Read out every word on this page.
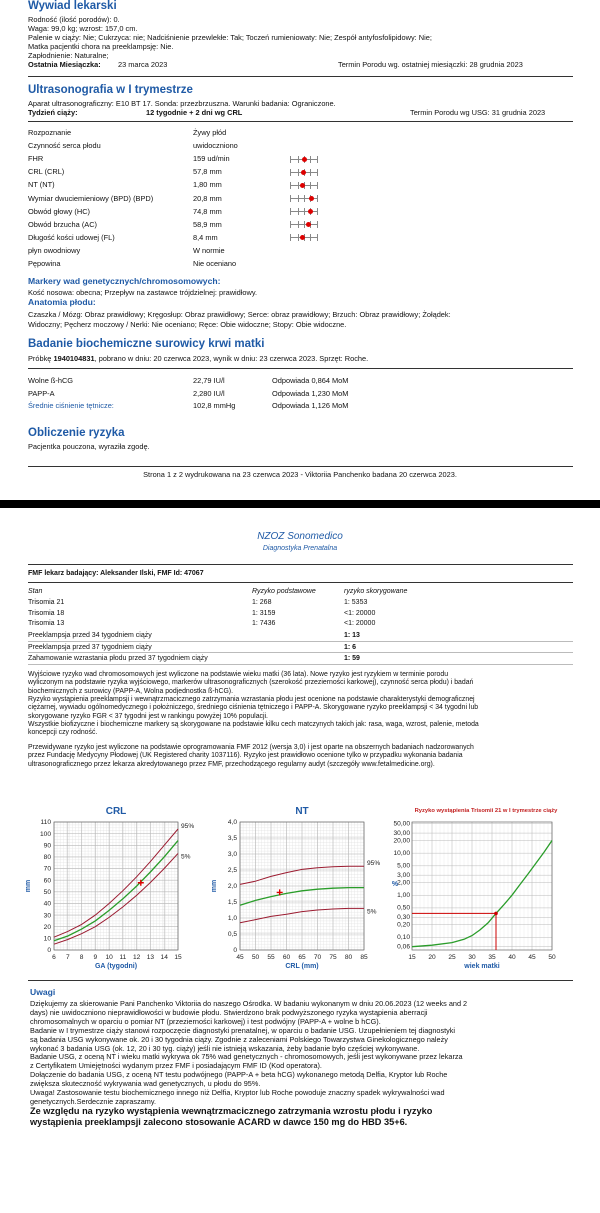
Wywiad lekarski
Rodność (ilość porodów): 0.
Waga: 99,0 kg; wzrost: 157,0 cm.
Palenie w ciąży: Nie; Cukrzyca: nie; Nadciśnienie przewlekłe: Tak; Toczeń rumieniowaty: Nie; Zespół antyfosfolipidowy: Nie;
Matka pacjentki chora na preeklampsję: Nie.
Zapłodnienie: Naturalne;
Ostatnia Miesiączka: 23 marca 2023	Termin Porodu wg. ostatniej miesiączki: 28 grudnia 2023
Ultrasonografia w I trymestrze
Aparat ultrasonograficzny: E10 BT 17. Sonda: przezbrzuszna. Warunki badania: Ograniczone.
Tydzień ciąży:	12 tygodnie + 2 dni wg CRL	Termin Porodu wg USG: 31 grudnia 2023
Rozpoznanie	Żywy płód
Czynność serca płodu	uwidoczniono
FHR	159 ud/min
CRL (CRL)	57,8 mm
NT (NT)	1,80 mm
Wymiar dwuciemieniowy (BPD) (BPD)	20,8 mm
Obwód głowy (HC)	74,8 mm
Obwód brzucha (AC)	58,9 mm
Długość kości udowej (FL)	8,4 mm
płyn owodniowy	W normie
Pępowina	Nie oceniano
Markery wad genetycznych/chromosomowych:
Kość nosowa: obecna; Przepływ na zastawce trójdzielnej: prawidłowy.
Anatomia płodu:
Czaszka / Mózg: Obraz prawidłowy; Kręgosłup: Obraz prawidłowy; Serce: obraz prawidłowy; Brzuch: Obraz prawidłowy; Żołądek:
Widoczny; Pęcherz moczowy / Nerki: Nie oceniano; Ręce: Obie widoczne; Stopy: Obie widoczne.
Badanie biochemiczne surowicy krwi matki
Próbkę 1940104831, pobrano w dniu: 20 czerwca 2023, wynik w dniu: 23 czerwca 2023. Sprzęt: Roche.
Wolne ß-hCG	22,79 IU/l	Odpowiada 0,864 MoM
PAPP-A	2,280 IU/l	Odpowiada 1,230 MoM
Średnie ciśnienie tętnicze:	102,8 mmHg	Odpowiada 1,126 MoM
Obliczenie ryzyka
Pacjentka pouczona, wyraziła zgodę.
Strona 1 z 2 wydrukowana na 23 czerwca 2023 - Viktoriia Panchenko badana 20 czerwca 2023.
NZOZ Sonomedico
Diagnostyka Prenatalna
FMF lekarz badający: Aleksander Ilski, FMF Id: 47067
Stan	Ryzyko podstawowe	ryzyko skorygowane
Trisomia 21	1: 268	1: 5353
Trisomia 18	1: 3159	<1: 20000
Trisomia 13	1: 7436	<1: 20000
Preeklampsja przed 34 tygodniem ciąży	1: 13
Preeklampsja przed 37 tygodniem ciąży	1: 6
Zahamowanie wzrastania płodu przed 37 tygodniem ciąży	1: 59
Wyjściowe ryzyko wad chromosomowych jest wyliczone na podstawie wieku matki (36 lata). Nowe ryzyko jest ryzykiem w terminie porodu
wyliczonym na podstawie ryzyka wyjściowego, markerów ultrasonograficznych (szerokość przezierności karkowej), czynność serca płodu) i badań
biochemicznych z surowicy (PAPP-A, Wolna podjednostka ß-hCG).
Ryzyko wystąpienia preeklampsji i wewnątrzmacicznego zatrzymania wzrastania płodu jest ocenione na podstawie charakterystyki demograficznej
ciężarnej, wywiadu ogólnomedycznego i położniczego, średniego ciśnienia tętniczego i PAPP-A. Skorygowane ryzyko preeklampsji < 34 tygodni lub
skorygowane ryzyko FGR < 37 tygodni jest w rankingu powyżej 10% populacji.
Wszystkie biofizyczne i biochemiczne markery są skorygowane na podstawie kilku cech matczynych takich jak: rasa, waga, wzrost, palenie, metoda
koncepcji czy rodność.
Przewidywane ryzyko jest wyliczone na podstawie oprogramowania FMF 2012 (wersja 3,0) i jest oparte na obszernych badaniach nadzorowanych
przez Fundację Medycyny Płodowej (UK Registered charity 1037116). Ryzyko jest prawidłowo ocenione tylko w przypadku wykonania badania
ultrasonograficznego przez lekarza akredytowanego przez FMF, przechodzącego regularny audyt (szczegóły www.fetalmedicine.org).
CRL
6 7 8 9 10 11 12 13 14 15
0
10
20
30
40
50
60
70
80
90
100
110
95%
5%
GA (tygodni)
mm
NT
45 50 55 60 65 70 75 80 85
0
0,5
1,0
1,5
2,0
2,5
3,0
3,5
4,0
95%
5%
CRL (mm)
mm
Ryzyko wystąpienia Trisomii 21 w I trymestrze ciąży
0,06
0,10
0,20
0,30
0,50
1,00
2,00
3,00
5,00
10,00
20,00
30,00
50,00
15 20 25 30 35 40 45 50
wiek matki
%
Uwagi
Dziękujemy za skierowanie Pani Panchenko Viktoriia do naszego Ośrodka. W badaniu wykonanym w dniu 20.06.2023 (12 weeks and 2
days) nie uwidoczniono nieprawidłowości w budowie płodu. Stwierdzono brak podwyższonego ryzyka wystąpienia aberracji
chromosomalnych w oparciu o pomiar NT (przezierności karkowej) i test podwójny (PAPP-A + wolne b hCG).
Badanie w I trymestrze ciąży stanowi rozpoczęcie diagnostyki prenatalnej, w oparciu o badanie USG. Uzupełnieniem tej diagnostyki
są badania USG wykonywane ok. 20 i 30 tygodnia ciąży. Zgodnie z zaleceniami Polskiego Towarzystwa Ginekologicznego należy
wykonać 3 badania USG (ok. 12, 20 i 30 tyg. ciąży) jeśli nie istnieją wskazania, żeby badanie było częściej wykonywane.
Badanie USG, z oceną NT i wieku matki wykrywa ok 75% wad genetycznych - chromosomowych, jeśli jest wykonywane przez lekarza
z Certyfikatem Umiejętności wydanym przez FMF i posiadającym FMF ID (Kod operatora).
Dołączenie do badania USG, z oceną NT testu podwójnego (PAPP-A + beta hCG) wykonanego metodą Delfia, Kryptor lub Roche
zwiększa skuteczność wykrywania wad genetycznych, u płodu do 95%.
Uwaga! Zastosowanie testu biochemicznego innego niż Delfia, Kryptor lub Roche powoduje znaczny spadek wykrywalności wad
genetycznych.Serdecznie zapraszamy.
Ze względu na ryzyko wystąpienia wewnątrzmacicznego zatrzymania wzrostu płodu i ryzyko
wystąpienia preeklampsji zalecono stosowanie ACARD w dawce 150 mg do HBD 35+6.
